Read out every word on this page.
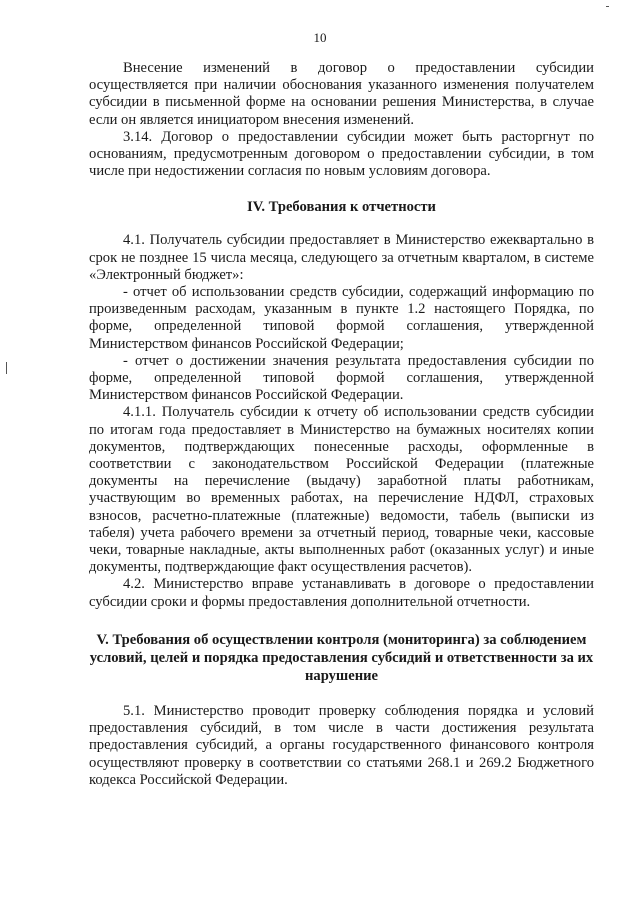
10

Внесение изменений в договор о предоставлении субсидии осуществляется при наличии обоснования указанного изменения получателем субсидии в письменной форме на основании решения Министерства, в случае если он является инициатором внесения изменений.

3.14. Договор о предоставлении субсидии может быть расторгнут по основаниям, предусмотренным договором о предоставлении субсидии, в том числе при недостижении согласия по новым условиям договора.

IV. Требования к отчетности

4.1. Получатель субсидии предоставляет в Министерство ежеквартально в срок не позднее 15 числа месяца, следующего за отчетным кварталом, в системе «Электронный бюджет»:

- отчет об использовании средств субсидии, содержащий информацию по произведенным расходам, указанным в пункте 1.2 настоящего Порядка, по форме, определенной типовой формой соглашения, утвержденной Министерством финансов Российской Федерации;

- отчет о достижении значения результата предоставления субсидии по форме, определенной типовой формой соглашения, утвержденной Министерством финансов Российской Федерации.

4.1.1. Получатель субсидии к отчету об использовании средств субсидии по итогам года предоставляет в Министерство на бумажных носителях копии документов, подтверждающих понесенные расходы, оформленные в соответствии с законодательством Российской Федерации (платежные документы на перечисление (выдачу) заработной платы работникам, участвующим во временных работах, на перечисление НДФЛ, страховых взносов, расчетно-платежные (платежные) ведомости, табель (выписки из табеля) учета рабочего времени за отчетный период, товарные чеки, кассовые чеки, товарные накладные, акты выполненных работ (оказанных услуг) и иные документы, подтверждающие факт осуществления расчетов).

4.2. Министерство вправе устанавливать в договоре о предоставлении субсидии сроки и формы предоставления дополнительной отчетности.

V. Требования об осуществлении контроля (мониторинга) за соблюдением условий, целей и порядка предоставления субсидий и ответственности за их нарушение

5.1. Министерство проводит проверку соблюдения порядка и условий предоставления субсидий, в том числе в части достижения результата предоставления субсидий, а органы государственного финансового контроля осуществляют проверку в соответствии со статьями 268.1 и 269.2 Бюджетного кодекса Российской Федерации.
